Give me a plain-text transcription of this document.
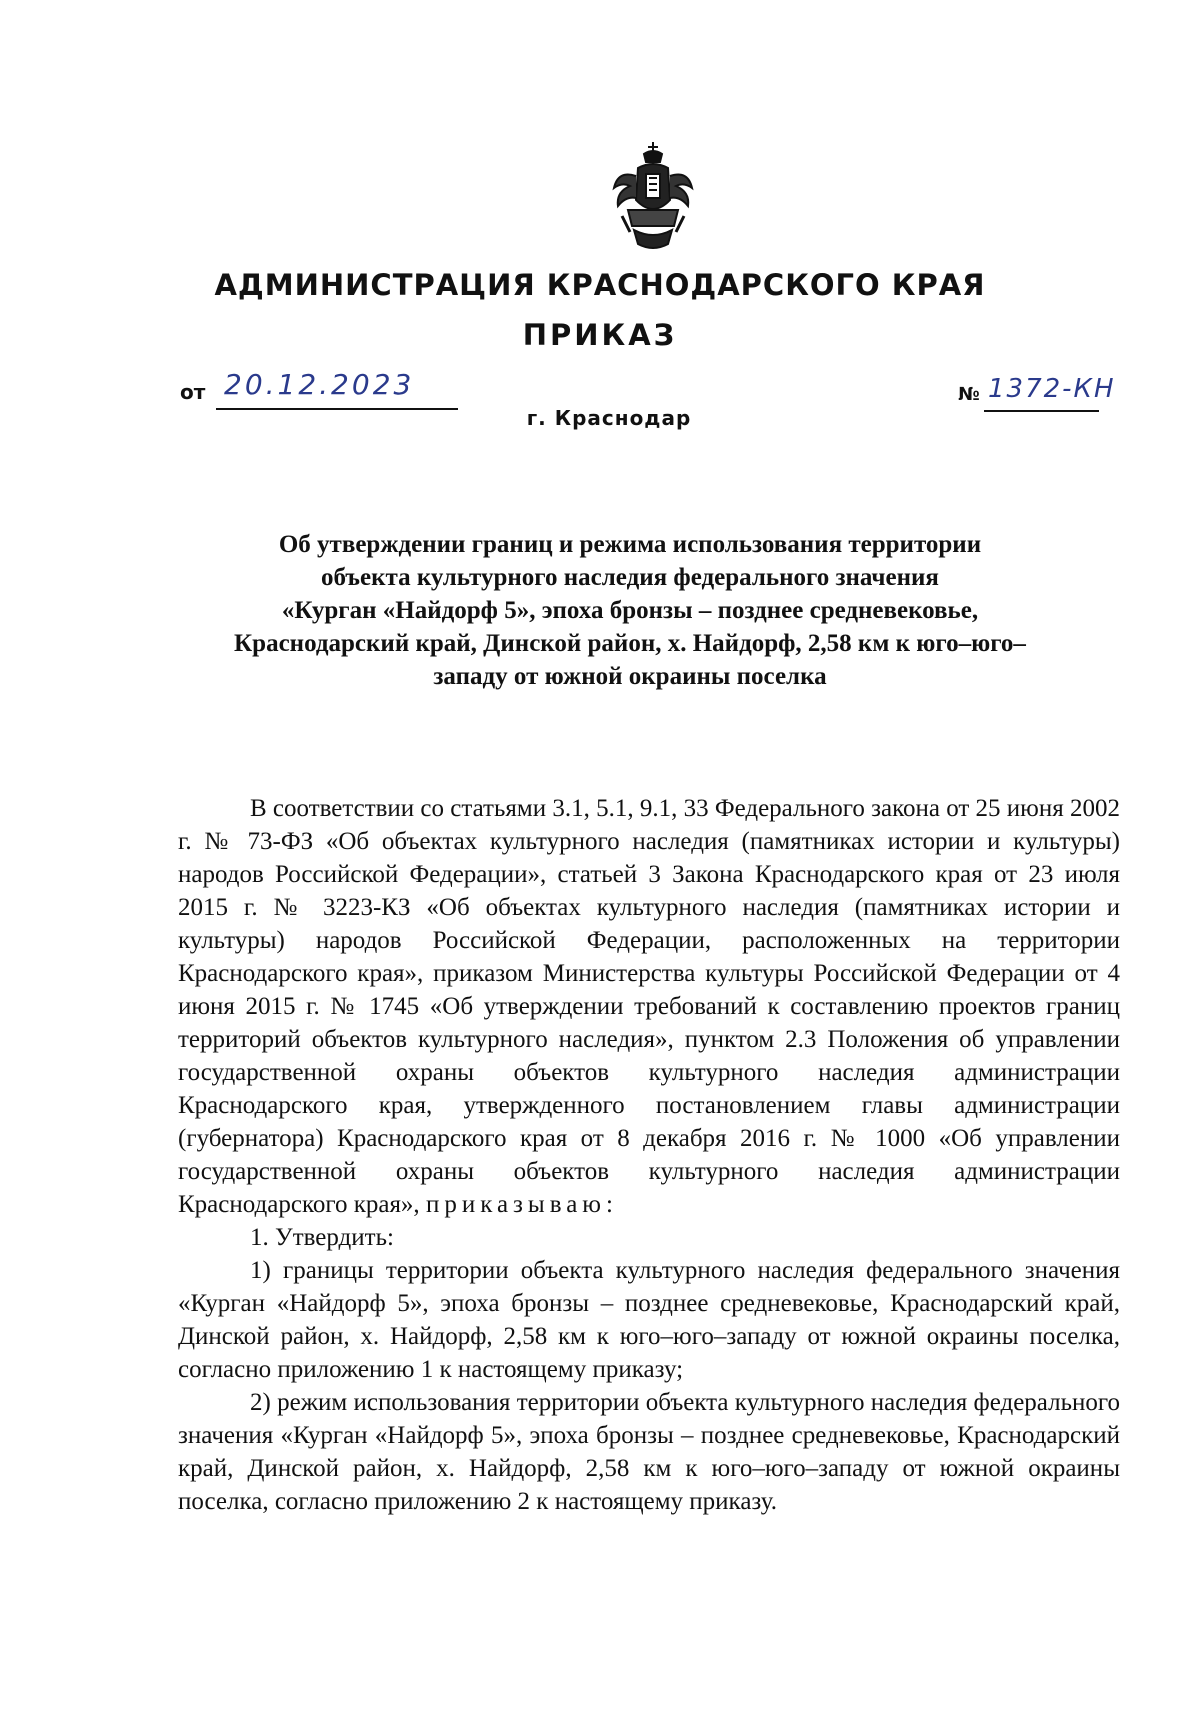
АДМИНИСТРАЦИЯ КРАСНОДАРСКОГО КРАЯ
ПРИКАЗ
от 20.12.2023	№ 1372-КН
г. Краснодар
Об утверждении границ и режима использования территории
объекта культурного наследия федерального значения
«Курган «Найдорф 5», эпоха бронзы – позднее средневековье,
Краснодарский край, Динской район, х. Найдорф, 2,58 км к юго–юго–
западу от южной окраины поселка

В соответствии со статьями 3.1, 5.1, 9.1, 33 Федерального закона от 25 июня 2002 г. № 73-ФЗ «Об объектах культурного наследия (памятниках истории и культуры) народов Российской Федерации», статьей 3 Закона Краснодарского края от 23 июля 2015 г. № 3223-КЗ «Об объектах культурного наследия (памятниках истории и культуры) народов Российской Федерации, расположенных на территории Краснодарского края», приказом Министерства культуры Российской Федерации от 4 июня 2015 г. № 1745 «Об утверждении требований к составлению проектов границ территорий объектов культурного наследия», пунктом 2.3 Положения об управлении государственной охраны объектов культурного наследия администрации Краснодарского края, утвержденного постановлением главы администрации (губернатора) Краснодарского края от 8 декабря 2016 г. № 1000 «Об управлении государственной охраны объектов культурного наследия администрации Краснодарского края», приказываю:

1. Утвердить:

1) границы территории объекта культурного наследия федерального значения «Курган «Найдорф 5», эпоха бронзы – позднее средневековье, Краснодарский край, Динской район, х. Найдорф, 2,58 км к юго–юго–западу от южной окраины поселка, согласно приложению 1 к настоящему приказу;

2) режим использования территории объекта культурного наследия федерального значения «Курган «Найдорф 5», эпоха бронзы – позднее средневековье, Краснодарский край, Динской район, х. Найдорф, 2,58 км к юго–юго–западу от южной окраины поселка, согласно приложению 2 к настоящему приказу.
